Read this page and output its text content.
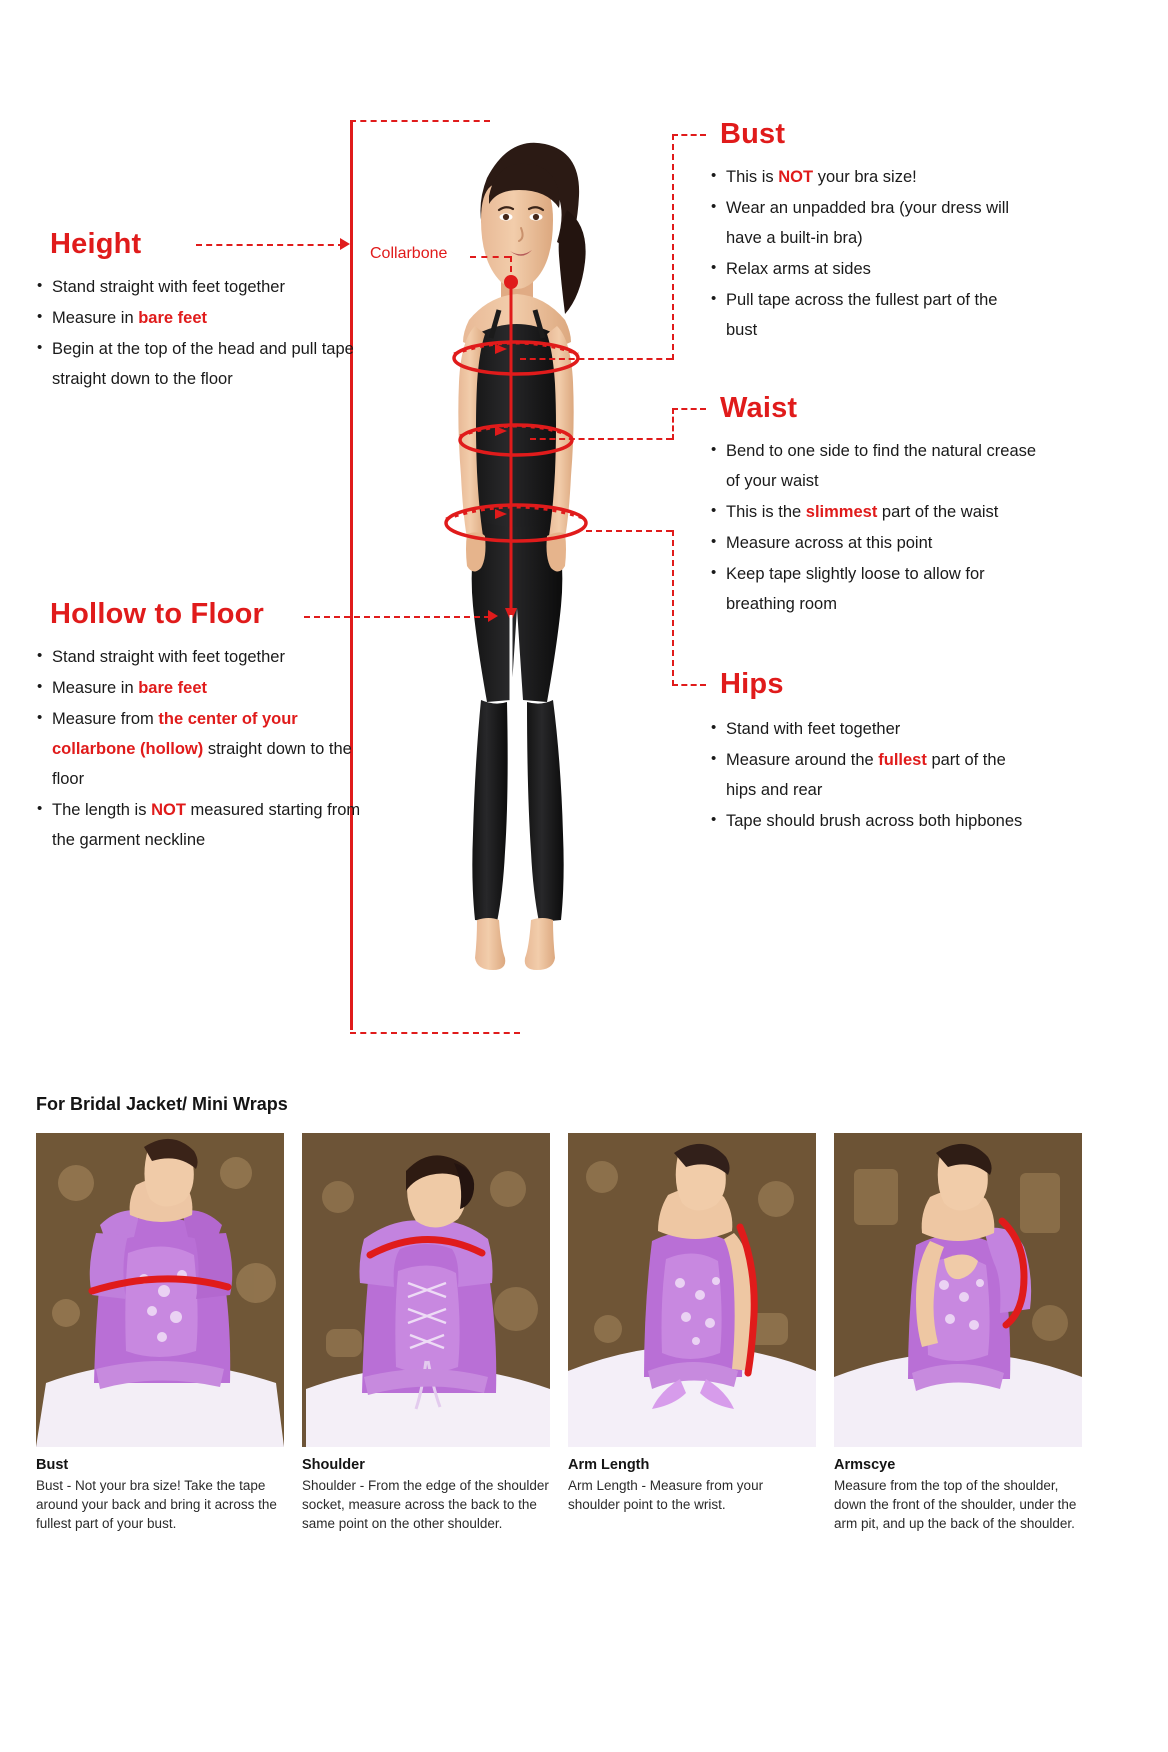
Height
• Stand straight with feet together
• Measure in bare feet
• Begin at the top of the head and pull tape straight down to the floor
Collarbone
Hollow to Floor
• Stand straight with feet together
• Measure in bare feet
• Measure from the center of your collarbone (hollow) straight down to the floor
• The length is NOT measured starting from the garment neckline
Bust
• This is NOT your bra size!
• Wear an unpadded bra (your dress will have a built-in bra)
• Relax arms at sides
• Pull tape across the fullest part of the bust
Waist
• Bend to one side to find the natural crease of your waist
• This is the slimmest part of the waist
• Measure across at this point
• Keep tape slightly loose to allow for breathing room
Hips
• Stand with feet together
• Measure around the fullest part of the hips and rear
• Tape should brush across both hipbones
For Bridal Jacket/ Mini Wraps
Bust
Bust - Not your bra size! Take the tape around your back and bring it across the fullest part of your bust.
Shoulder
Shoulder - From the edge of the shoulder socket, measure across the back to the same point on the other shoulder.
Arm Length
Arm Length - Measure from your shoulder point to the wrist.
Armscye
Measure from the top of the shoulder, down the front of the shoulder, under the arm pit, and up the back of the shoulder.
